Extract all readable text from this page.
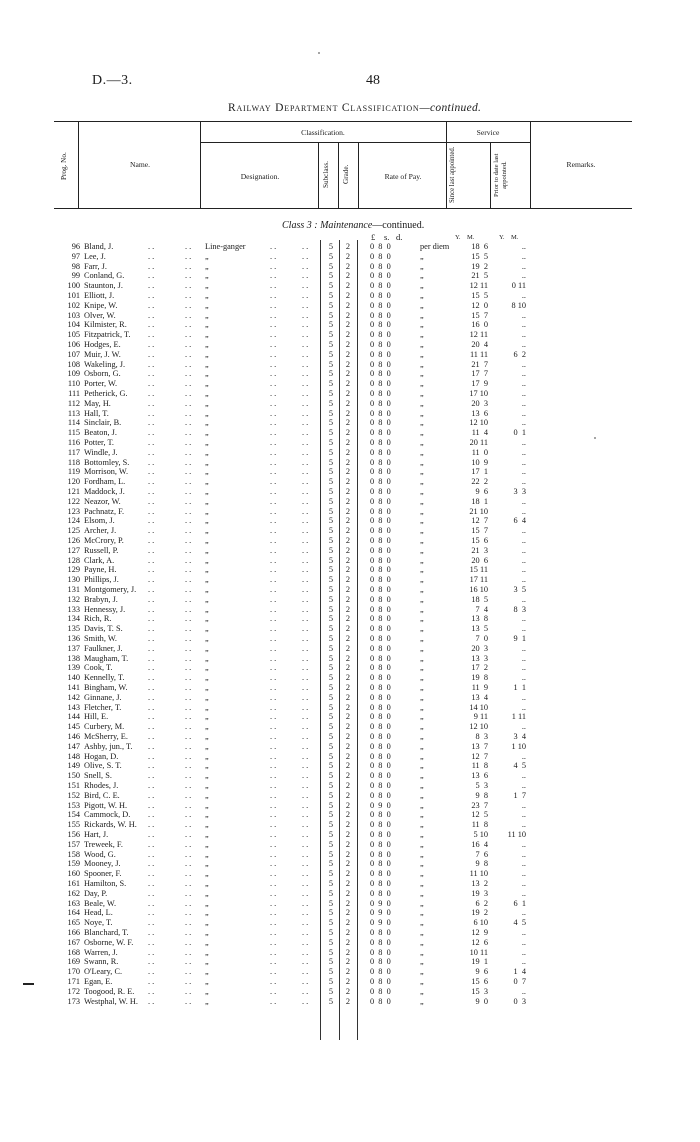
D.—3.	48
Railway Department Classification—continued.
Prog. No.	Name.
Classification.
Designation.	Subclass. Grade.	Rate of Pay.
Service
Since last appointed.	Prior to date last appointed.	Remarks.
Class 3 : Maintenance—continued.
£ s. d.	Y. M.	Y. M.
96 Bland, J.	Line-ganger	5	2	0  8  0	per diem	18  6	..
. .	. .
. .	. .
97 Lee, J.	„	5	2	0  8  0	„	15  5	..
. .	. .
. .	. .
98 Farr, J.	„	5	2	0  8  0	„	19  2	..
. .	. .
. .	. .
99 Conland, G.	„	5	2	0  8  0	„	21  5	..
. .	. .
. .	. .
100 Staunton, J.	„	5	2	0  8  0	„	12 11	0 11
. .	. .
. .	. .
101 Elliott, J.	„	5	2	0  8  0	„	15  5	..
. .	. .
. .	. .
102 Knipe, W.	„	5	2	0  8  0	„	12  0	8 10
. .	. .
. .	. .
103 Olver, W.	„	5	2	0  8  0	„	15  7	..
. .	. .
. .	. .
104 Kilmister, R.	„	5	2	0  8  0	„	16  0	..
. .	. .
. .	. .
105 Fitzpatrick, T.	„	5	2	0  8  0	„	12 11	..
. .	. .
. .	. .
106 Hodges, E.	„	5	2	0  8  0	„	20  4	..
. .	. .
. .	. .
107 Muir, J. W.	„	5	2	0  8  0	„	11 11	6  2
. .	. .
. .	. .
108 Wakeling, J.	„	5	2	0  8  0	„	21  7	..
. .	. .
. .	. .
109 Osborn, G.	„	5	2	0  8  0	„	17  7	..
. .	. .
. .	. .
110 Porter, W.	„	5	2	0  8  0	„	17  9	..
. .	. .
. .	. .
111 Petherick, G.	„	5	2	0  8  0	„	17 10	..
. .	. .
. .	. .
112 May, H.	„	5	2	0  8  0	„	20  3	..
. .	. .
. .	. .
113 Hall, T.	„	5	2	0  8  0	„	13  6	..
. .	. .
. .	. .
114 Sinclair, B.	„	5	2	0  8  0	„	12 10	..
. .	. .
. .	. .
115 Beaton, J.	„	5	2	0  8  0	„	11  4	0  1
. .	. .
. .	. .
116 Potter, T.	„	5	2	0  8  0	„	20 11	..
. .	. .
. .	. .
117 Windle, J.	„	5	2	0  8  0	„	11  0	..
. .	. .
. .	. .
118 Bottomley, S.	„	5	2	0  8  0	„	10  9	..
. .	. .
. .	. .
119 Morrison, W.	„	5	2	0  8  0	„	17  1	..
. .	. .
. .	. .
120 Fordham, L.	„	5	2	0  8  0	„	22  2	..
. .	. .
. .	. .
121 Maddock, J.	„	5	2	0  8  0	„	9  6	3  3
. .	. .
. .	. .
122 Neazor, W.	„	5	2	0  8  0	„	18  1	..
. .	. .
. .	. .
123 Pachnatz, F.	„	5	2	0  8  0	„	21 10	..
. .	. .
. .	. .
124 Elsom, J.	„	5	2	0  8  0	„	12  7	6  4
. .	. .
. .	. .
125 Archer, J.	„	5	2	0  8  0	„	15  7	..
. .	. .
. .	. .
126 McCrory, P.	„	5	2	0  8  0	„	15  6	..
. .	. .
. .	. .
127 Russell, P.	„	5	2	0  8  0	„	21  3	..
. .	. .
. .	. .
128 Clark, A.	„	5	2	0  8  0	„	20  6	..
. .	. .
. .	. .
129 Payne, H.	„	5	2	0  8  0	„	15 11	..
. .	. .
. .	. .
130 Phillips, J.	„	5	2	0  8  0	„	17 11	..
. .	. .
. .	. .
131 Montgomery, J.	„	5	2	0  8  0	„	16 10	3  5
. .	. .
. .	. .
132 Brabyn, J.	„	5	2	0  8  0	„	18  5	..
. .	. .
. .	. .
133 Hennessy, J.	„	5	2	0  8  0	„	7  4	8  3
. .	. .
. .	. .
134 Rich, R.	„	5	2	0  8  0	„	13  8	..
. .	. .
. .	. .
135 Davis, T. S.	„	5	2	0  8  0	„	13  5	..
. .	. .
. .	. .
136 Smith, W.	„	5	2	0  8  0	„	7  0	9  1
. .	. .
. .	. .
137 Faulkner, J.	„	5	2	0  8  0	„	20  3	..
. .	. .
. .	. .
138 Maugham, T.	„	5	2	0  8  0	„	13  3	..
. .	. .
. .	. .
139 Cook, T.	„	5	2	0  8  0	„	17  2	..
. .	. .
. .	. .
140 Kennelly, T.	„	5	2	0  8  0	„	19  8	..
. .	. .
. .	. .
141 Bingham, W.	„	5	2	0  8  0	„	11  9	1  1
. .	. .
. .	. .
142 Ginnane, J.	„	5	2	0  8  0	„	13  4	..
. .	. .
. .	. .
143 Fletcher, T.	„	5	2	0  8  0	„	14 10	..
. .	. .
. .	. .
144 Hill, E.	„	5	2	0  8  0	„	9 11	1 11
. .	. .
. .	. .
145 Curbery, M.	„	5	2	0  8  0	„	12 10	..
. .	. .
. .	. .
146 McSherry, E.	„	5	2	0  8  0	„	8  3	3  4
. .	. .
. .	. .
147 Ashby, jun., T.	„	5	2	0  8  0	„	13  7	1 10
. .	. .
. .	. .
148 Hogan, D.	„	5	2	0  8  0	„	12  7	..
. .	. .
. .	. .
149 Olive, S. T.	„	5	2	0  8  0	„	11  8	4  5
. .	. .
. .	. .
150 Snell, S.	„	5	2	0  8  0	„	13  6	..
. .	. .
. .	. .
151 Rhodes, J.	„	5	2	0  8  0	„	5  3	..
. .	. .
. .	. .
152 Bird, C. E.	„	5	2	0  8  0	„	9  8	1  7
. .	. .
. .	. .
153 Pigott, W. H.	„	5	2	0  9  0	„	23  7	..
. .	. .
. .	. .
154 Cammock, D.	„	5	2	0  8  0	„	12  5	..
. .	. .
. .	. .
155 Rickards, W. H.	„	5	2	0  8  0	„	11  8	..
. .	. .
. .	. .
156 Hart, J.	„	5	2	0  8  0	„	5 10	11 10
. .	. .
. .	. .
157 Treweek, F.	„	5	2	0  8  0	„	16  4	..
. .	. .
. .	. .
158 Wood, G.	„	5	2	0  8  0	„	7  6	..
. .	. .
. .	. .
159 Mooney, J.	„	5	2	0  8  0	„	9  8	..
. .	. .
. .	. .
160 Spooner, F.	„	5	2	0  8  0	„	11 10	..
. .	. .
. .	. .
161 Hamilton, S.	„	5	2	0  8  0	„	13  2	..
. .	. .
. .	. .
162 Day, P.	„	5	2	0  8  0	„	19  3	..
. .	. .
. .	. .
163 Beale, W.	„	5	2	0  9  0	„	6  2	6  1
. .	. .
. .	. .
164 Head, L.	„	5	2	0  9  0	„	19  2	..
. .	. .
. .	. .
165 Noye, T.	„	5	2	0  9  0	„	6 10	4  5
. .	. .
. .	. .
166 Blanchard, T.	„	5	2	0  8  0	„	12  9	..
. .	. .
. .	. .
167 Osborne, W. F.	„	5	2	0  8  0	„	12  6	..
. .	. .
. .	. .
168 Warren, J.	„	5	2	0  8  0	„	10 11	..
. .	. .
. .	. .
169 Swann, R.	„	5	2	0  8  0	„	19  1	..
. .	. .
. .	. .
170 O'Leary, C.	„	5	2	0  8  0	„	9  6	1  4
. .	. .
. .	. .
171 Egan, E.	„	5	2	0  8  0	„	15  6	0  7
. .	. .
. .	. .
172 Toogood, R. E.	„	5	2	0  8  0	„	15  3	..
. .	. .
. .	. .
173 Westphal, W. H.	„	5	2	0  8  0	„	9  0	0  3
. .	. .
. .	. .
